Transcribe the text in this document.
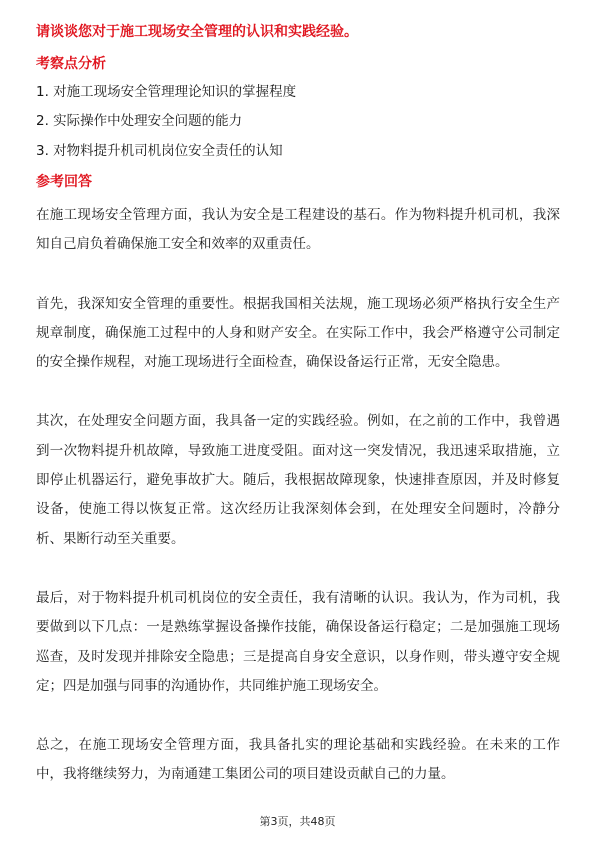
请谈谈您对于施工现场安全管理的认识和实践经验。
考察点分析
1. 对施工现场安全管理理论知识的掌握程度
2. 实际操作中处理安全问题的能力
3. 对物料提升机司机岗位安全责任的认知
参考回答

在施工现场安全管理方面，我认为安全是工程建设的基石。作为物料提升机司机，我深知自己肩负着确保施工安全和效率的双重责任。

首先，我深知安全管理的重要性。根据我国相关法规，施工现场必须严格执行安全生产规章制度，确保施工过程中的人身和财产安全。在实际工作中，我会严格遵守公司制定的安全操作规程，对施工现场进行全面检查，确保设备运行正常，无安全隐患。

其次，在处理安全问题方面，我具备一定的实践经验。例如，在之前的工作中，我曾遇到一次物料提升机故障，导致施工进度受阻。面对这一突发情况，我迅速采取措施，立即停止机器运行，避免事故扩大。随后，我根据故障现象，快速排查原因，并及时修复设备，使施工得以恢复正常。这次经历让我深刻体会到，在处理安全问题时，冷静分析、果断行动至关重要。

最后，对于物料提升机司机岗位的安全责任，我有清晰的认识。我认为，作为司机，我要做到以下几点：一是熟练掌握设备操作技能，确保设备运行稳定；二是加强施工现场巡查，及时发现并排除安全隐患；三是提高自身安全意识，以身作则，带头遵守安全规定；四是加强与同事的沟通协作，共同维护施工现场安全。

总之，在施工现场安全管理方面，我具备扎实的理论基础和实践经验。在未来的工作中，我将继续努力，为南通建工集团公司的项目建设贡献自己的力量。

第3页，共48页
